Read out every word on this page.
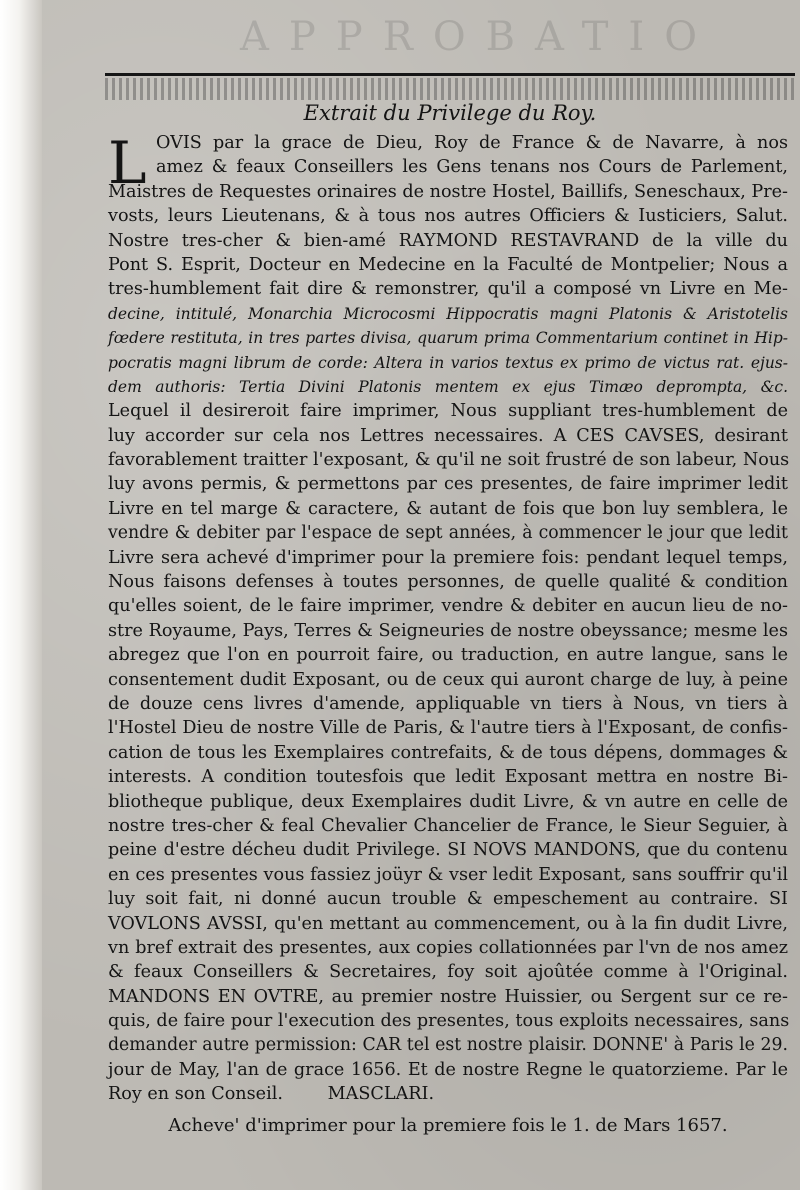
APPROBATIO
Extrait du Privilege du Roy.
L OVIS par la grace de Dieu, Roy de France & de Navarre, à nos
amez & feaux Conseillers les Gens tenans nos Cours de Parlement,
Maistres de Requestes orinaires de nostre Hostel, Baillifs, Seneschaux, Pre-
vosts, leurs Lieutenans, & à tous nos autres Officiers & Iusticiers, Salut.
Nostre tres-cher & bien-amé RAYMOND RESTAVRAND de la ville du
Pont S. Esprit, Docteur en Medecine en la Faculté de Montpelier; Nous a
tres-humblement fait dire & remonstrer, qu'il a composé vn Livre en Me-
decine, intitulé, Monarchia Microcosmi Hippocratis magni Platonis & Aristotelis
fœdere restituta, in tres partes divisa, quarum prima Commentarium continet in Hip-
pocratis magni librum de corde: Altera in varios textus ex primo de victus rat. ejus-
dem authoris: Tertia Divini Platonis mentem ex ejus Timæo deprompta, &c.
Lequel il desireroit faire imprimer, Nous suppliant tres-humblement de
luy accorder sur cela nos Lettres necessaires. A CES CAVSES, desirant
favorablement traitter l'exposant, & qu'il ne soit frustré de son labeur, Nous
luy avons permis, & permettons par ces presentes, de faire imprimer ledit
Livre en tel marge & caractere, & autant de fois que bon luy semblera, le
vendre & debiter par l'espace de sept années, à commencer le jour que ledit
Livre sera achevé d'imprimer pour la premiere fois: pendant lequel temps,
Nous faisons defenses à toutes personnes, de quelle qualité & condition
qu'elles soient, de le faire imprimer, vendre & debiter en aucun lieu de no-
stre Royaume, Pays, Terres & Seigneuries de nostre obeyssance; mesme les
abregez que l'on en pourroit faire, ou traduction, en autre langue, sans le
consentement dudit Exposant, ou de ceux qui auront charge de luy, à peine
de douze cens livres d'amende, appliquable vn tiers à Nous, vn tiers à
l'Hostel Dieu de nostre Ville de Paris, & l'autre tiers à l'Exposant, de confis-
cation de tous les Exemplaires contrefaits, & de tous dépens, dommages &
interests. A condition toutesfois que ledit Exposant mettra en nostre Bi-
bliotheque publique, deux Exemplaires dudit Livre, & vn autre en celle de
nostre tres-cher & feal Chevalier Chancelier de France, le Sieur Seguier, à
peine d'estre décheu dudit Privilege. SI NOVS MANDONS, que du contenu
en ces presentes vous fassiez joüyr & vser ledit Exposant, sans souffrir qu'il
luy soit fait, ni donné aucun trouble & empeschement au contraire. SI
VOVLONS AVSSI, qu'en mettant au commencement, ou à la fin dudit Livre,
vn bref extrait des presentes, aux copies collationnées par l'vn de nos amez
& feaux Conseillers & Secretaires, foy soit ajoûtée comme à l'Original.
MANDONS EN OVTRE, au premier nostre Huissier, ou Sergent sur ce re-
quis, de faire pour l'execution des presentes, tous exploits necessaires, sans
demander autre permission: CAR tel est nostre plaisir. DONNE' à Paris le 29.
jour de May, l'an de grace 1656. Et de nostre Regne le quatorzieme. Par le
Roy en son Conseil.        MASCLARI.
Acheve' d'imprimer pour la premiere fois le 1. de Mars 1657.
